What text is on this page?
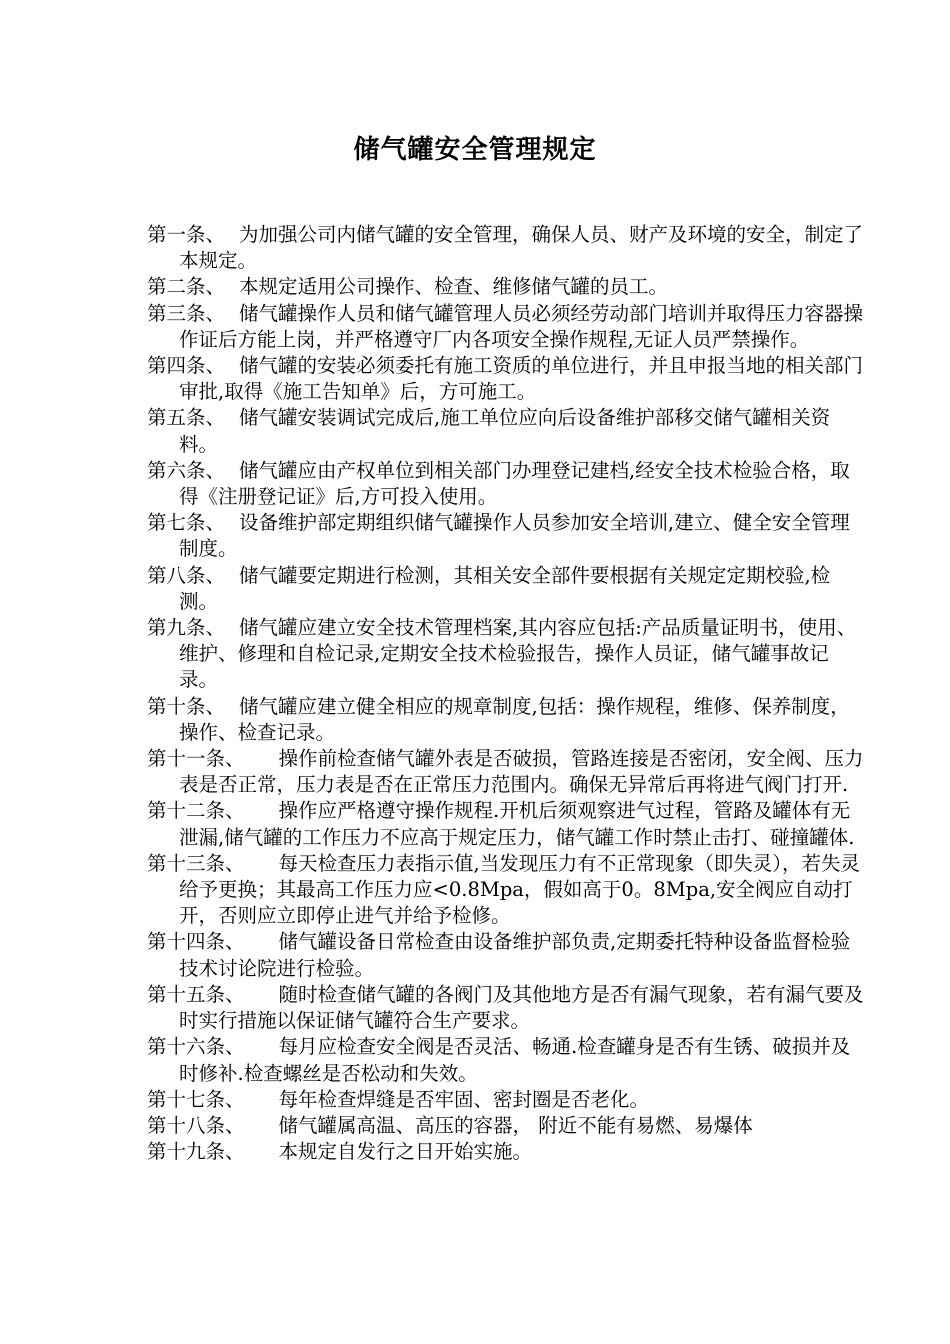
储气罐安全管理规定
第一条、 为加强公司内储气罐的安全管理，确保人员、财产及环境的安全，制定了本规定。
第二条、 本规定适用公司操作、检查、维修储气罐的员工。
第三条、 储气罐操作人员和储气罐管理人员必须经劳动部门培训并取得压力容器操作证后方能上岗，并严格遵守厂内各项安全操作规程,无证人员严禁操作。
第四条、 储气罐的安装必须委托有施工资质的单位进行，并且申报当地的相关部门审批,取得《施工告知单》后，方可施工。
第五条、 储气罐安装调试完成后,施工单位应向后设备维护部移交储气罐相关资料。
第六条、 储气罐应由产权单位到相关部门办理登记建档,经安全技术检验合格，取得《注册登记证》后,方可投入使用。
第七条、 设备维护部定期组织储气罐操作人员参加安全培训,建立、健全安全管理制度。
第八条、 储气罐要定期进行检测，其相关安全部件要根据有关规定定期校验,检测。
第九条、 储气罐应建立安全技术管理档案,其内容应包括:产品质量证明书，使用、维护、修理和自检记录,定期安全技术检验报告，操作人员证，储气罐事故记录。
第十条、 储气罐应建立健全相应的规章制度,包括：操作规程，维修、保养制度，操作、检查记录。
第十一条、 操作前检查储气罐外表是否破损，管路连接是否密闭，安全阀、压力表是否正常，压力表是否在正常压力范围内。确保无异常后再将进气阀门打开.
第十二条、 操作应严格遵守操作规程.开机后须观察进气过程，管路及罐体有无泄漏,储气罐的工作压力不应高于规定压力，储气罐工作时禁止击打、碰撞罐体.
第十三条、 每天检查压力表指示值,当发现压力有不正常现象（即失灵），若失灵给予更换；其最高工作压力应<0.8Mpa，假如高于0。8Mpa,安全阀应自动打开，否则应立即停止进气并给予检修。
第十四条、 储气罐设备日常检查由设备维护部负责,定期委托特种设备监督检验技术讨论院进行检验。
第十五条、 随时检查储气罐的各阀门及其他地方是否有漏气现象，若有漏气要及时实行措施以保证储气罐符合生产要求。
第十六条、 每月应检查安全阀是否灵活、畅通.检查罐身是否有生锈、破损并及时修补.检查螺丝是否松动和失效。
第十七条、 每年检查焊缝是否牢固、密封圈是否老化。
第十八条、 储气罐属高温、高压的容器， 附近不能有易燃、易爆体
第十九条、 本规定自发行之日开始实施。
